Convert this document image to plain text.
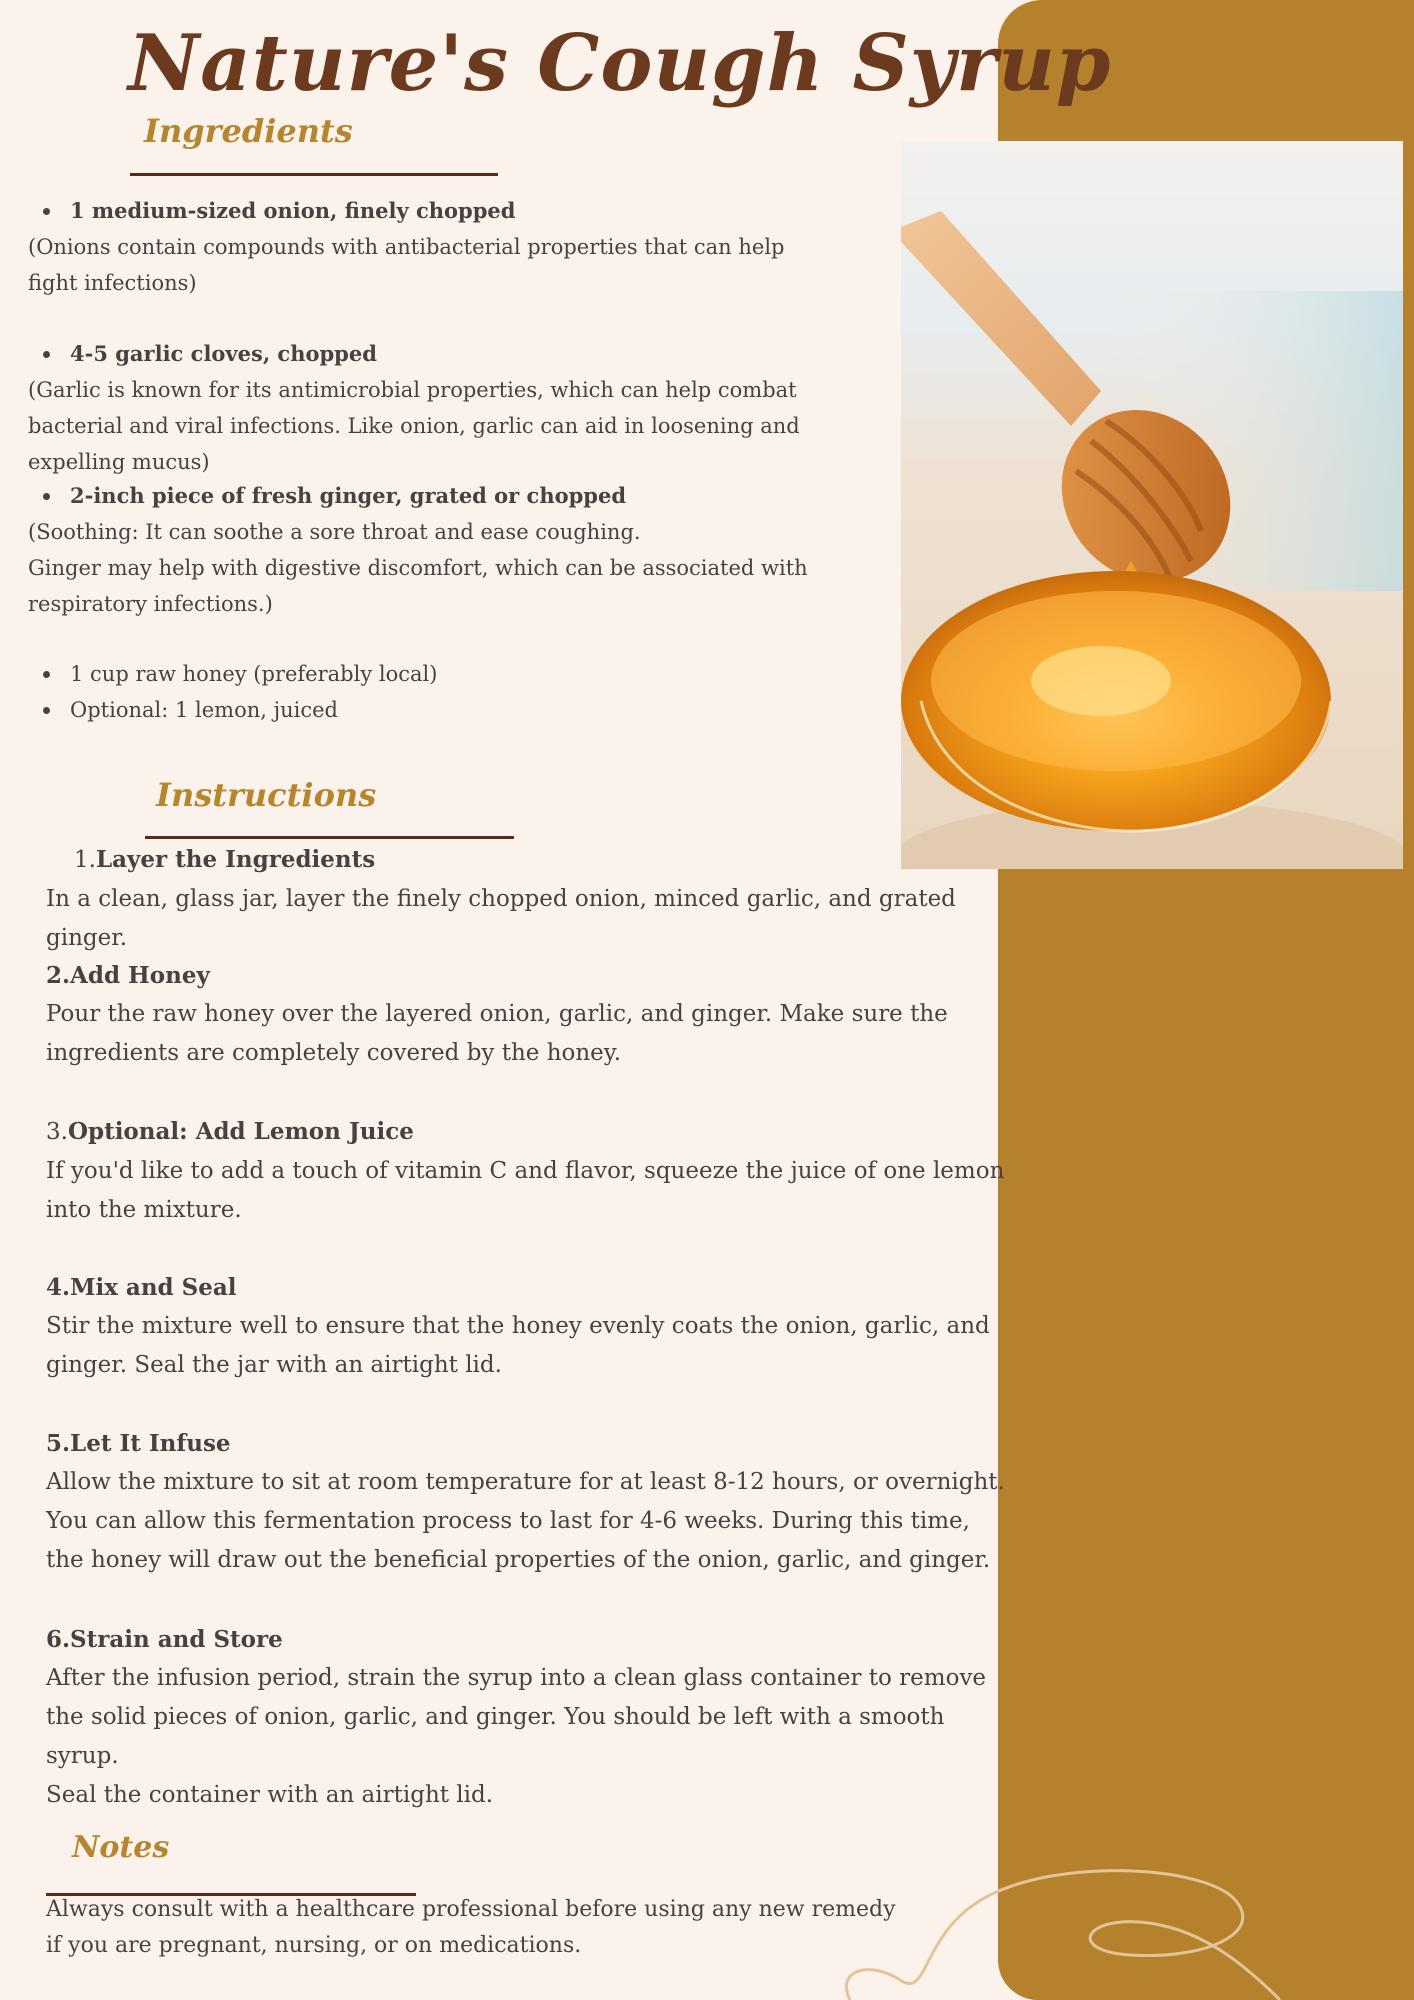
Nature's Cough Syrup
Ingredients

1 medium-sized onion, finely chopped

(Onions contain compounds with antibacterial properties that can help fight infections)

4-5 garlic cloves, chopped

(Garlic is known for its antimicrobial properties, which can help combat bacterial and viral infections. Like onion, garlic can aid in loosening and expelling mucus)

2-inch piece of fresh ginger, grated or chopped

(Soothing: It can soothe a sore throat and ease coughing.

Ginger may help with digestive discomfort, which can be associated with respiratory infections.)

1 cup raw honey (preferably local)

Optional: 1 lemon, juiced

Instructions

1.Layer the Ingredients

In a clean, glass jar, layer the finely chopped onion, minced garlic, and grated ginger.

2.Add Honey

Pour the raw honey over the layered onion, garlic, and ginger. Make sure the ingredients are completely covered by the honey.

3.Optional: Add Lemon Juice

If you'd like to add a touch of vitamin C and flavor, squeeze the juice of one lemon into the mixture.

4.Mix and Seal

Stir the mixture well to ensure that the honey evenly coats the onion, garlic, and ginger. Seal the jar with an airtight lid.

5.Let It Infuse

Allow the mixture to sit at room temperature for at least 8-12 hours, or overnight. You can allow this fermentation process to last for 4-6 weeks. During this time, the honey will draw out the beneficial properties of the onion, garlic, and ginger.

6.Strain and Store

After the infusion period, strain the syrup into a clean glass container to remove the solid pieces of onion, garlic, and ginger. You should be left with a smooth syrup.

Seal the container with an airtight lid.

Notes

Always consult with a healthcare professional before using any new remedy

if you are pregnant, nursing, or on medications.
